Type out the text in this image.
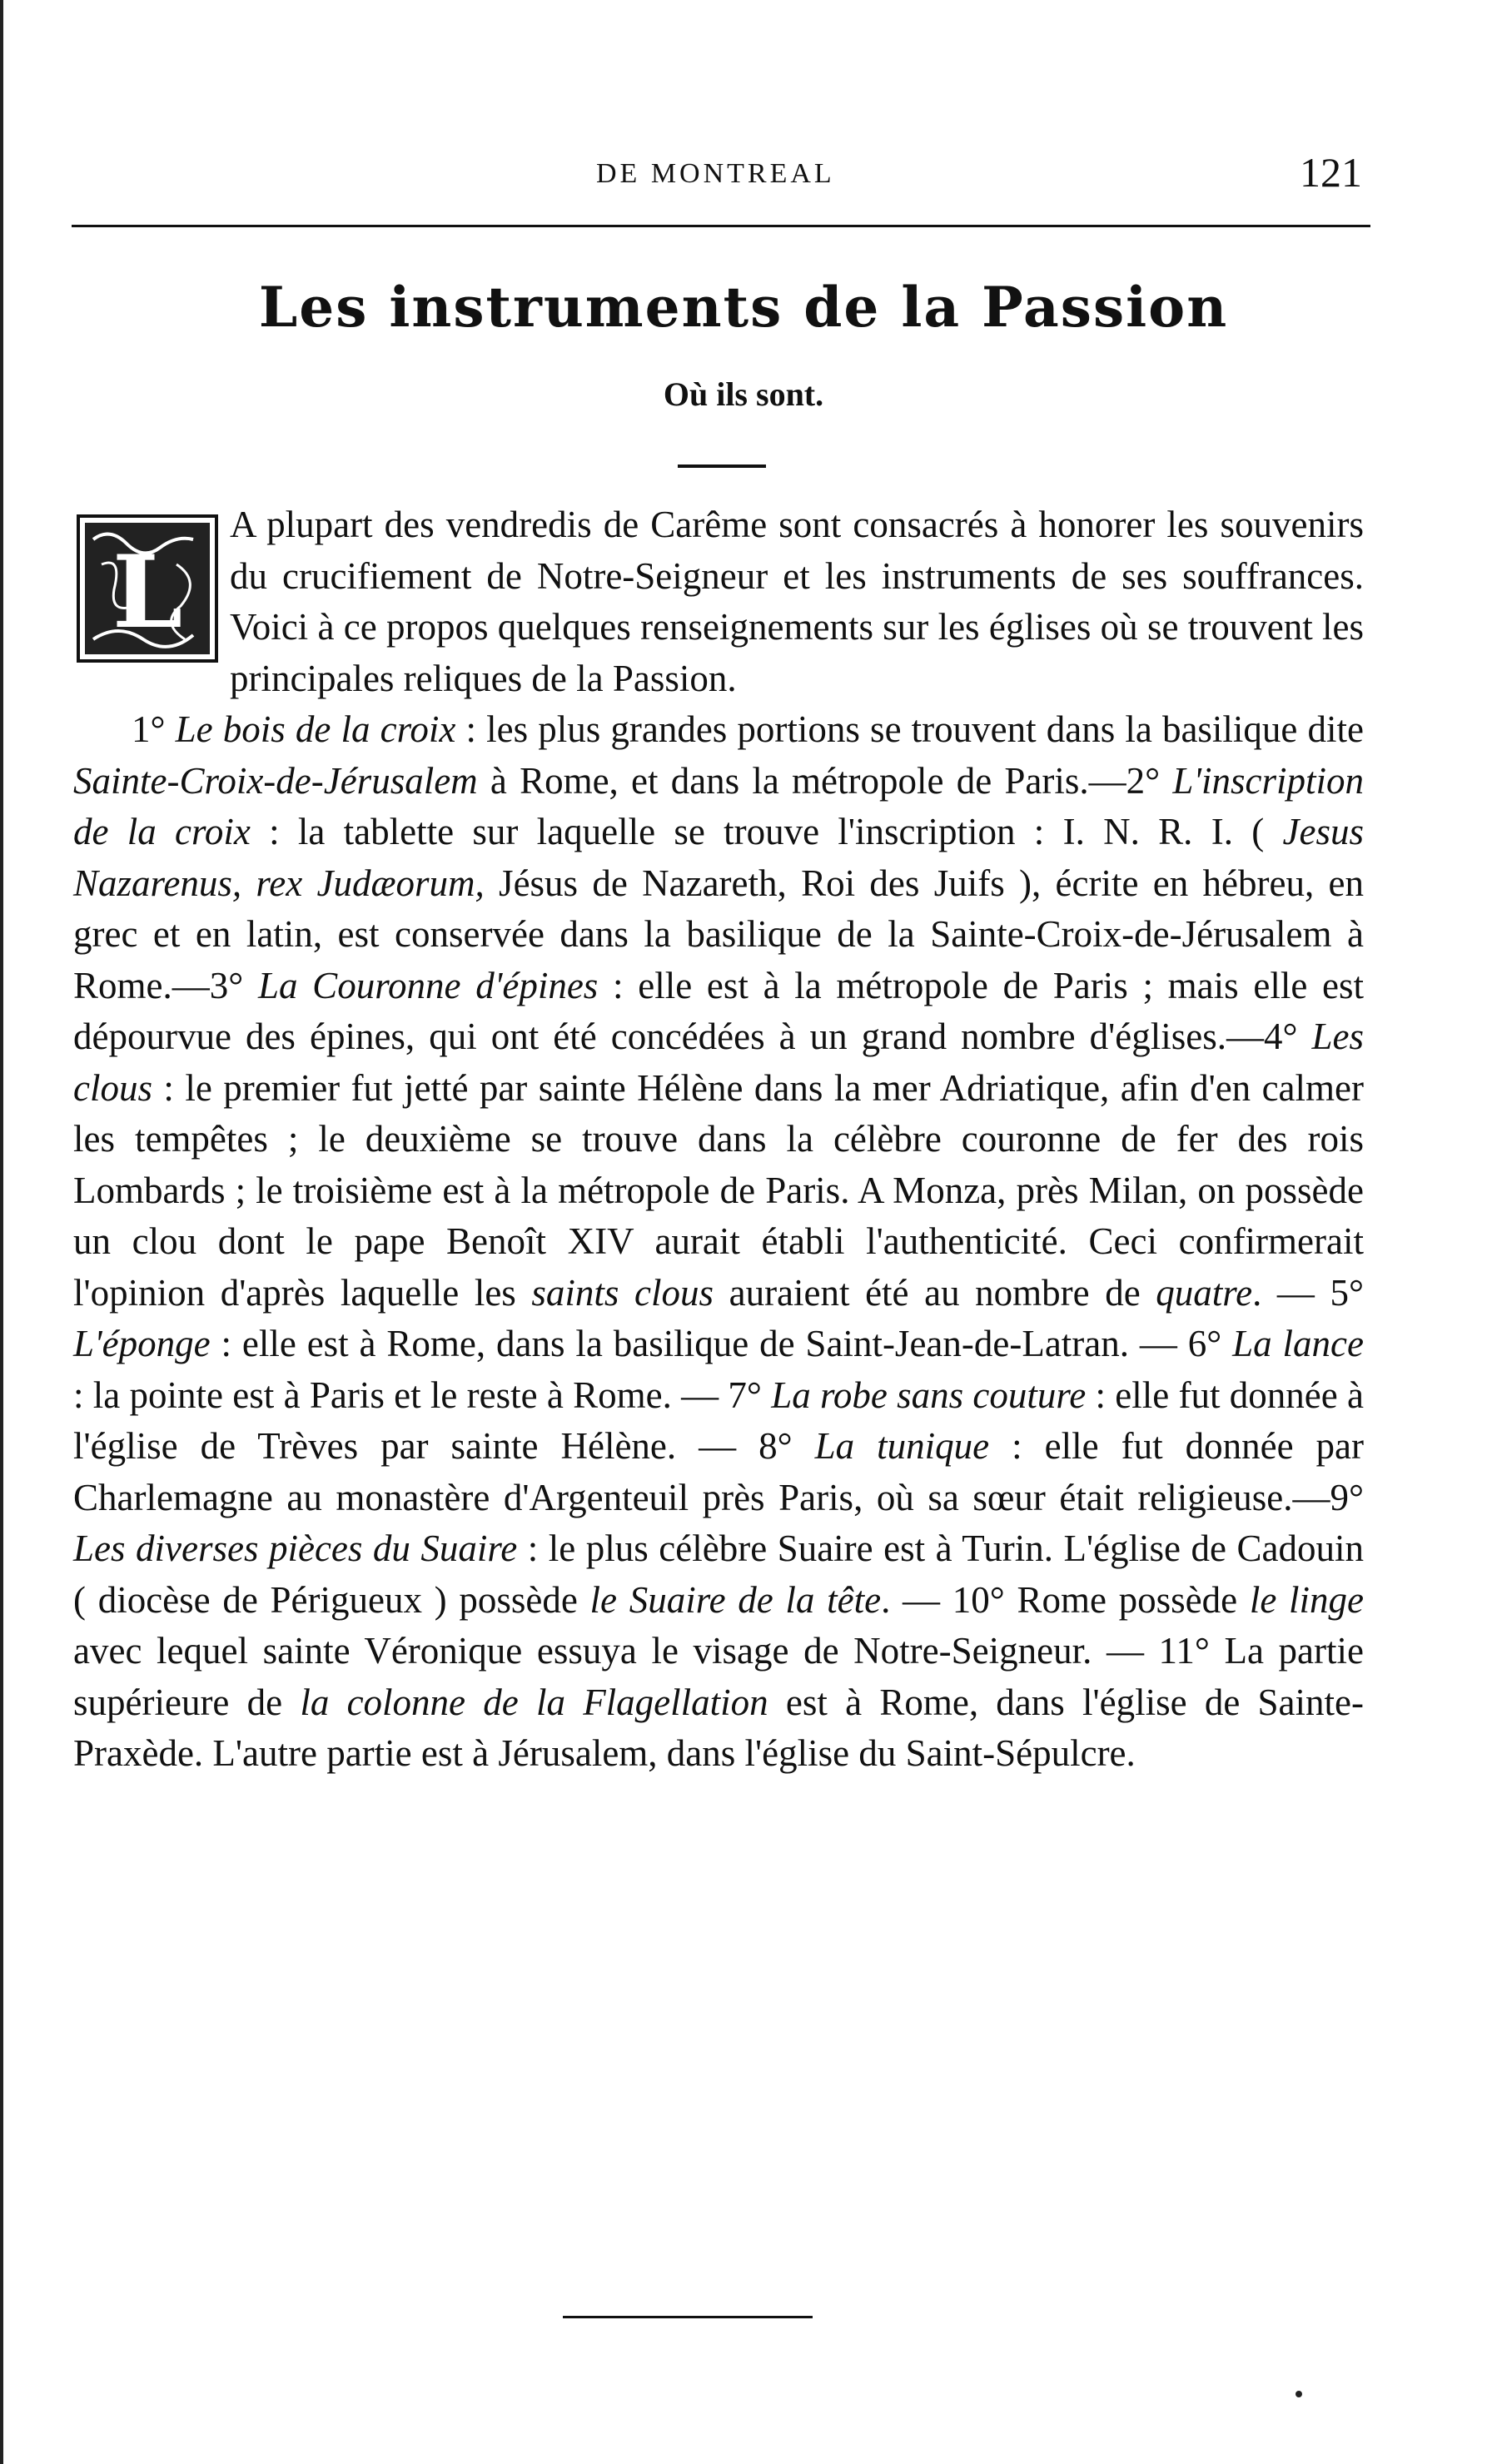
DE MONTREAL	121
Les instruments de la Passion
Où ils sont.

L
A plupart des vendredis de Carême sont consacrés à honorer les souvenirs du crucifiement de Notre-Seigneur et les instruments de ses souffrances. Voici à ce propos quelques renseignements sur les églises où se trouvent les principales reliques de la Passion.

1° Le bois de la croix : les plus grandes portions se trouvent dans la basilique dite Sainte-Croix-de-Jérusalem à Rome, et dans la métropole de Paris.—2° L'inscription de la croix : la tablette sur laquelle se trouve l'inscription : I. N. R. I. ( Jesus Nazarenus, rex Judæorum, Jésus de Nazareth, Roi des Juifs ), écrite en hébreu, en grec et en latin, est conservée dans la basilique de la Sainte-Croix-de-Jérusalem à Rome.—3° La Couronne d'épines : elle est à la métropole de Paris ; mais elle est dépourvue des épines, qui ont été concédées à un grand nombre d'églises.—4° Les clous : le premier fut jetté par sainte Hélène dans la mer Adriatique, afin d'en calmer les tempêtes ; le deuxième se trouve dans la célèbre couronne de fer des rois Lombards ; le troisième est à la métropole de Paris. A Monza, près Milan, on possède un clou dont le pape Benoît XIV aurait établi l'authenticité. Ceci confirmerait l'opinion d'après laquelle les saints clous auraient été au nombre de quatre. — 5° L'éponge : elle est à Rome, dans la basilique de Saint-Jean-de-Latran. — 6° La lance : la pointe est à Paris et le reste à Rome. — 7° La robe sans couture : elle fut donnée à l'église de Trèves par sainte Hélène. — 8° La tunique : elle fut donnée par Charlemagne au monastère d'Argenteuil près Paris, où sa sœur était religieuse.—9° Les diverses pièces du Suaire : le plus célèbre Suaire est à Turin. L'église de Cadouin ( diocèse de Périgueux ) possède le Suaire de la tête. — 10° Rome possède le linge avec lequel sainte Véronique essuya le visage de Notre-Seigneur. — 11° La partie supérieure de la colonne de la Flagellation est à Rome, dans l'église de Sainte-Praxède. L'autre partie est à Jérusalem, dans l'église du Saint-Sépulcre.
